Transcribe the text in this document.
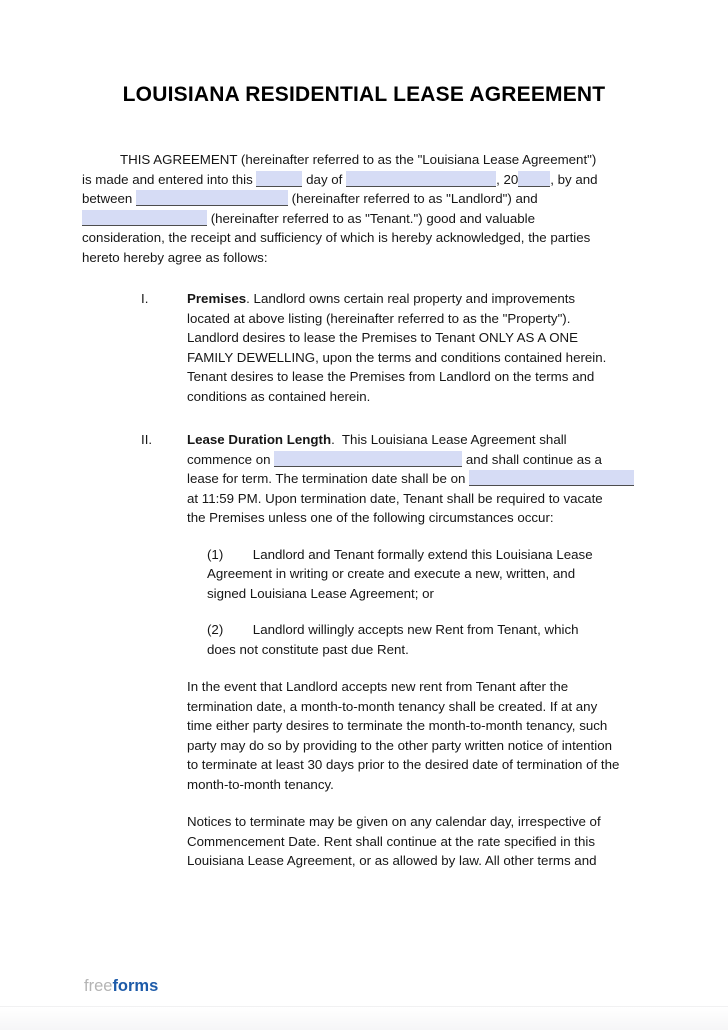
LOUISIANA RESIDENTIAL LEASE AGREEMENT
THIS AGREEMENT (hereinafter referred to as the "Louisiana Lease Agreement")
is made and entered into this	day of	, 20 , by and
between	(hereinafter referred to as "Landlord") and
(hereinafter referred to as "Tenant.") good and valuable
consideration, the receipt and sufficiency of which is hereby acknowledged, the parties
hereto hereby agree as follows:
I.	Premises. Landlord owns certain real property and improvements
located at above listing (hereinafter referred to as the "Property").
Landlord desires to lease the Premises to Tenant ONLY AS A ONE
FAMILY DEWELLING, upon the terms and conditions contained herein.
Tenant desires to lease the Premises from Landlord on the terms and
conditions as contained herein.
II.	Lease Duration Length.  This Louisiana Lease Agreement shall
commence on	and shall continue as a
lease for term. The termination date shall be on
at 11:59 PM. Upon termination date, Tenant shall be required to vacate
the Premises unless one of the following circumstances occur:
(1)        Landlord and Tenant formally extend this Louisiana Lease
Agreement in writing or create and execute a new, written, and
signed Louisiana Lease Agreement; or
(2)        Landlord willingly accepts new Rent from Tenant, which
does not constitute past due Rent.
In the event that Landlord accepts new rent from Tenant after the
termination date, a month-to-month tenancy shall be created. If at any
time either party desires to terminate the month-to-month tenancy, such
party may do so by providing to the other party written notice of intention
to terminate at least 30 days prior to the desired date of termination of the
month-to-month tenancy.
Notices to terminate may be given on any calendar day, irrespective of
Commencement Date. Rent shall continue at the rate specified in this
Louisiana Lease Agreement, or as allowed by law. All other terms and
freeforms
